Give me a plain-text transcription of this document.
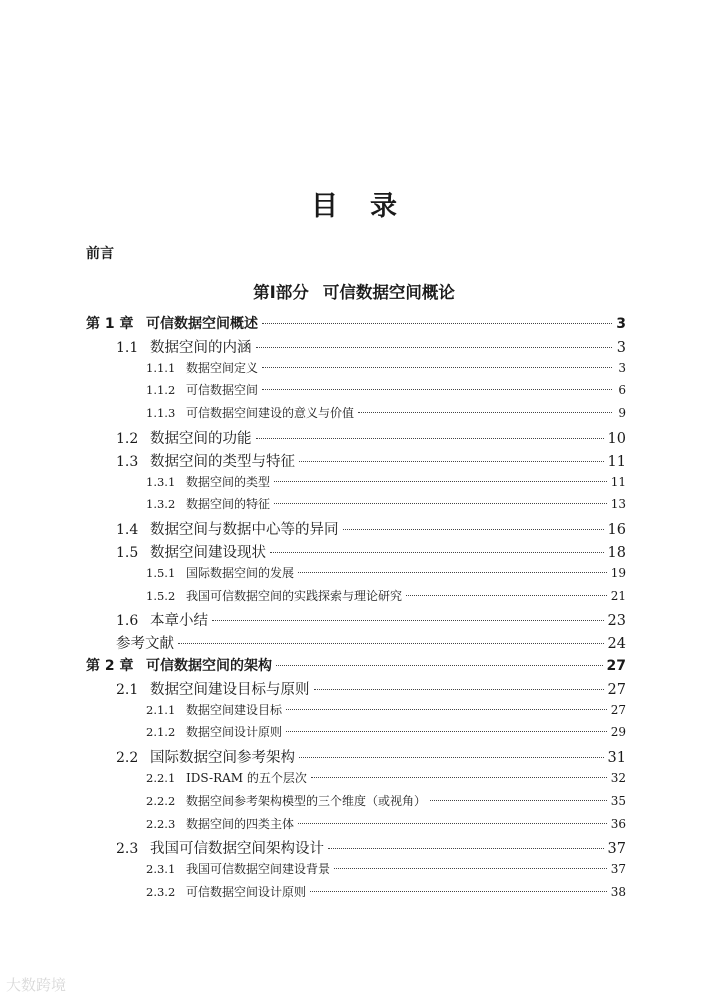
目录
前言
第Ⅰ部分 可信数据空间概论
第 1 章 可信数据空间概述	3
1.1 数据空间的内涵	3
1.1.1 数据空间定义	3
1.1.2 可信数据空间	6
1.1.3 可信数据空间建设的意义与价值	9
1.2 数据空间的功能	10
1.3 数据空间的类型与特征	11
1.3.1 数据空间的类型	11
1.3.2 数据空间的特征	13
1.4 数据空间与数据中心等的异同	16
1.5 数据空间建设现状	18
1.5.1 国际数据空间的发展	19
1.5.2 我国可信数据空间的实践探索与理论研究	21
1.6 本章小结	23
参考文献	24
第 2 章 可信数据空间的架构	27
2.1 数据空间建设目标与原则	27
2.1.1 数据空间建设目标	27
2.1.2 数据空间设计原则	29
2.2 国际数据空间参考架构	31
2.2.1 IDS-RAM 的五个层次	32
2.2.2 数据空间参考架构模型的三个维度（或视角）	35
2.2.3 数据空间的四类主体	36
2.3 我国可信数据空间架构设计	37
2.3.1 我国可信数据空间建设背景	37
2.3.2 可信数据空间设计原则	38
大数跨境
